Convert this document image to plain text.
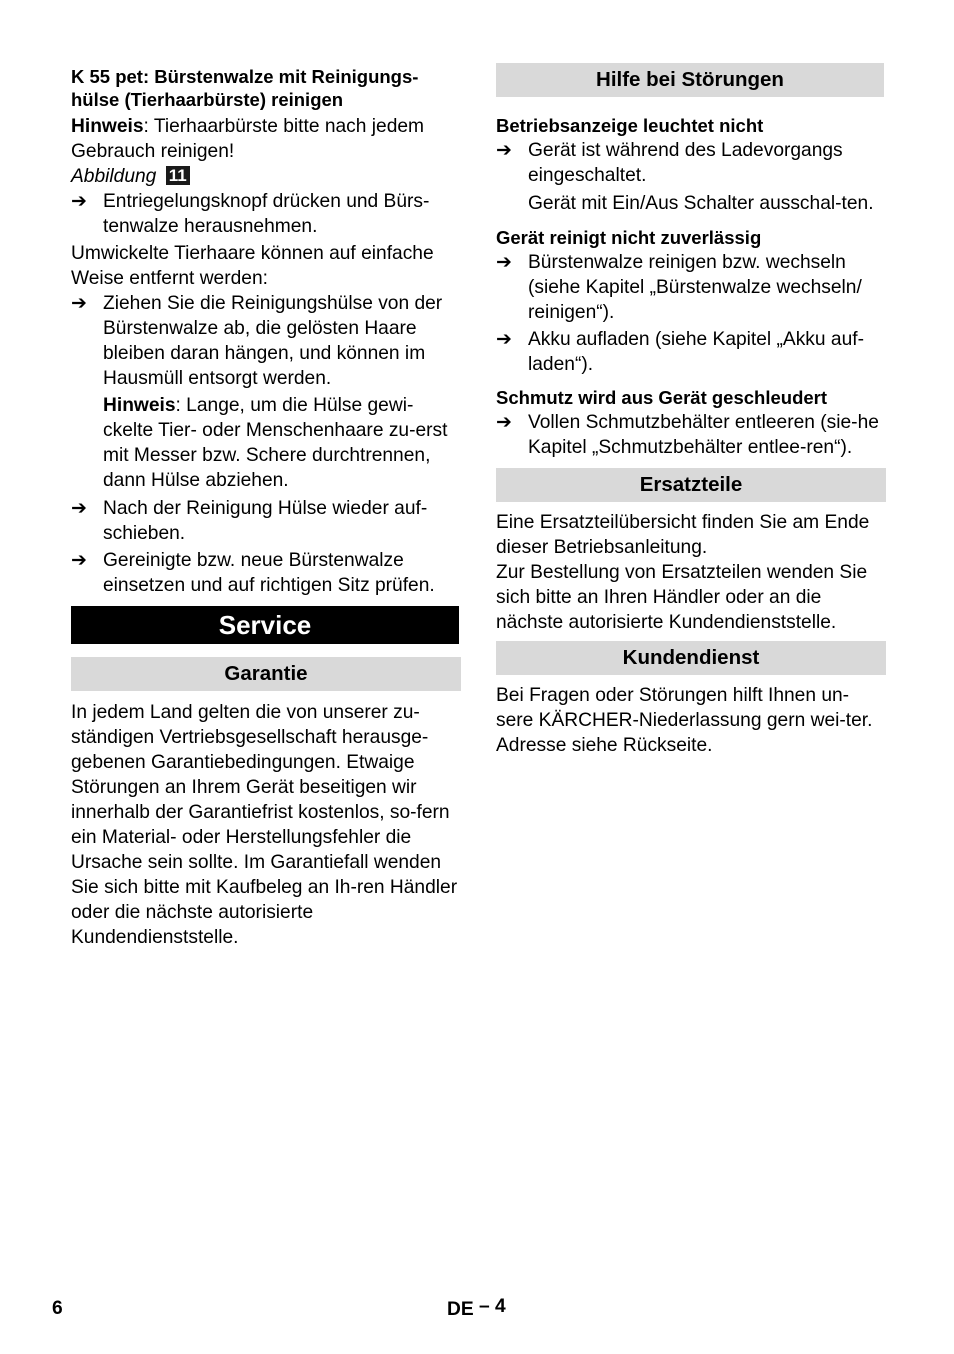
K 55 pet: Bürstenwalze mit Reinigungs-
hülse (Tierhaarbürste) reinigen

Hinweis: Tierhaarbürste bitte nach jedem Gebrauch reinigen!

Abbildung 11

➔ Entriegelungsknopf drücken und Bürs-tenwalze herausnehmen.

Umwickelte Tierhaare können auf einfache Weise entfernt werden:

➔ Ziehen Sie die Reinigungshülse von der Bürstenwalze ab, die gelösten Haare bleiben daran hängen, und können im Hausmüll entsorgt werden.

Hinweis: Lange, um die Hülse gewi-ckelte Tier- oder Menschenhaare zu-erst mit Messer bzw. Schere durchtrennen, dann Hülse abziehen.

➔ Nach der Reinigung Hülse wieder auf-schieben.
➔ Gereinigte bzw. neue Bürstenwalze einsetzen und auf richtigen Sitz prüfen.
Service
Garantie

In jedem Land gelten die von unserer zu-ständigen Vertriebsgesellschaft herausge-gebenen Garantiebedingungen. Etwaige Störungen an Ihrem Gerät beseitigen wir innerhalb der Garantiefrist kostenlos, so-fern ein Material- oder Herstellungsfehler die Ursache sein sollte. Im Garantiefall wenden Sie sich bitte mit Kaufbeleg an Ih-ren Händler oder die nächste autorisierte Kundendienststelle.

Hilfe bei Störungen

Betriebsanzeige leuchtet nicht

➔ Gerät ist während des Ladevorgangs eingeschaltet.

Gerät mit Ein/Aus Schalter ausschal-ten.

Gerät reinigt nicht zuverlässig

➔ Bürstenwalze reinigen bzw. wechseln (siehe Kapitel „Bürstenwalze wechseln/ reinigen“).
➔ Akku aufladen (siehe Kapitel „Akku auf-laden“).

Schmutz wird aus Gerät geschleudert

➔ Vollen Schmutzbehälter entleeren (sie-he Kapitel „Schmutzbehälter entlee-ren“).
Ersatzteile

Eine Ersatzteilübersicht finden Sie am Ende dieser Betriebsanleitung.

Zur Bestellung von Ersatzteilen wenden Sie sich bitte an Ihren Händler oder an die nächste autorisierte Kundendienststelle.

Kundendienst

Bei Fragen oder Störungen hilft Ihnen un-sere KÄRCHER-Niederlassung gern wei-ter. Adresse siehe Rückseite.

6	DE – 4
